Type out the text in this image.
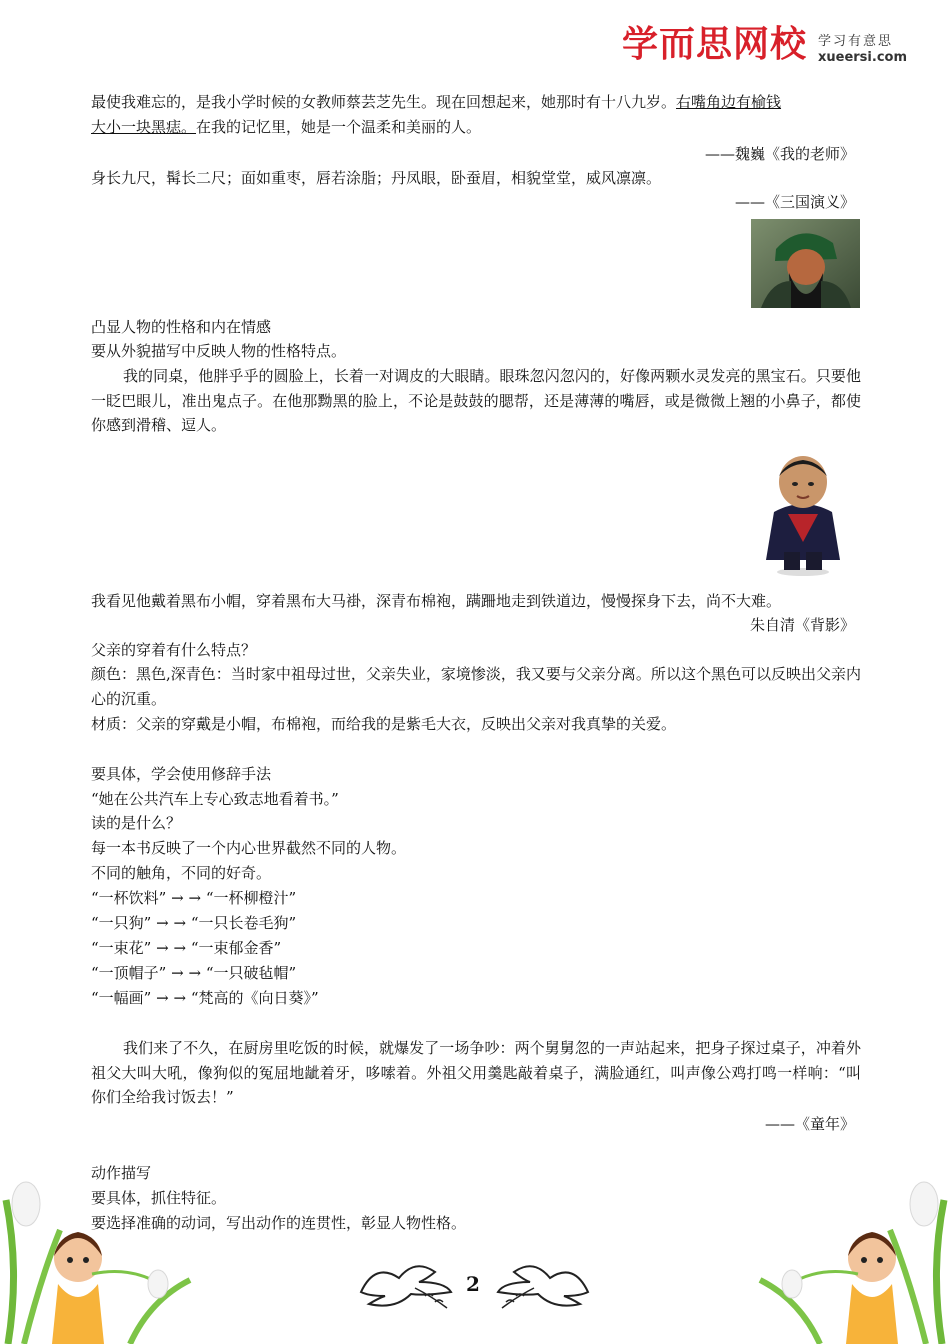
学而思网校 学习有意思
xueersi.com
最使我难忘的，是我小学时候的女教师蔡芸芝先生。现在回想起来，她那时有十八九岁。右嘴角边有榆钱
大小一块黑痣。在我的记忆里，她是一个温柔和美丽的人。
——魏巍《我的老师》
身长九尺，髯长二尺；面如重枣，唇若涂脂；丹凤眼，卧蚕眉，相貌堂堂，威风凛凛。
——《三国演义》
凸显人物的性格和内在情感
要从外貌描写中反映人物的性格特点。
我的同桌，他胖乎乎的圆脸上，长着一对调皮的大眼睛。眼珠忽闪忽闪的，好像两颗水灵发亮的黑宝石。只要他一眨巴眼儿，准出鬼点子。在他那黝黑的脸上，不论是鼓鼓的腮帮，还是薄薄的嘴唇，或是微微上翘的小鼻子，都使你感到滑稽、逗人。
我看见他戴着黑布小帽，穿着黑布大马褂，深青布棉袍，蹒跚地走到铁道边，慢慢探身下去，尚不大难。
朱自清《背影》
父亲的穿着有什么特点？
颜色：黑色,深青色：当时家中祖母过世，父亲失业，家境惨淡，我又要与父亲分离。所以这个黑色可以反映出父亲内心的沉重。
材质：父亲的穿戴是小帽，布棉袍，而给我的是紫毛大衣，反映出父亲对我真挚的关爱。
要具体，学会使用修辞手法
“她在公共汽车上专心致志地看着书。”
读的是什么？
每一本书反映了一个内心世界截然不同的人物。
不同的触角，不同的好奇。
“一杯饮料” → → “一杯柳橙汁”
“一只狗” → → “一只长卷毛狗”
“一束花” → → “一束郁金香”
“一顶帽子” → → “一只破毡帽”
“一幅画” → → “梵高的《向日葵》”
我们来了不久，在厨房里吃饭的时候，就爆发了一场争吵：两个舅舅忽的一声站起来，把身子探过桌子，冲着外祖父大叫大吼，像狗似的冤屈地龇着牙，哆嗦着。外祖父用羹匙敲着桌子，满脸通红，叫声像公鸡打鸣一样响：“叫你们全给我讨饭去！”
——《童年》
动作描写
要具体，抓住特征。
要选择准确的动词，写出动作的连贯性，彰显人物性格。
2
